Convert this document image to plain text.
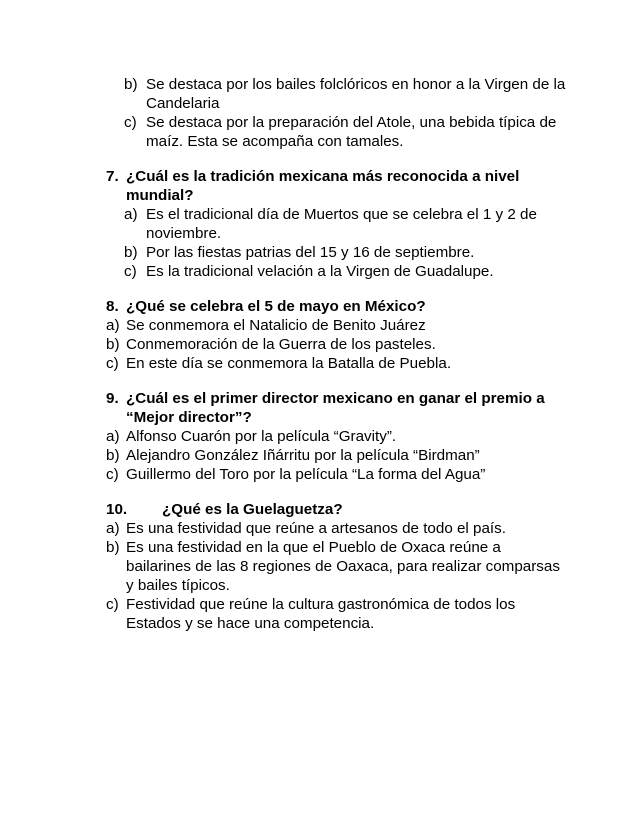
b) Se destaca por los bailes folclóricos en honor a la Virgen de la
Candelaria
c) Se destaca por la preparación del Atole, una bebida típica de
maíz. Esta se acompaña con tamales.
7. ¿Cuál es la tradición mexicana más reconocida a nivel
mundial?
a) Es el tradicional día de Muertos que se celebra el 1 y 2 de
noviembre.
b) Por las fiestas patrias del 15 y 16 de septiembre.
c) Es la tradicional velación a la Virgen de Guadalupe.
8. ¿Qué se celebra el 5 de mayo en México?
a) Se conmemora el Natalicio de Benito Juárez
b) Conmemoración de la Guerra de los pasteles.
c) En este día se conmemora la Batalla de Puebla.
9. ¿Cuál es el primer director mexicano en ganar el premio a
“Mejor director”?
a) Alfonso Cuarón por la película “Gravity”.
b) Alejandro González Iñárritu por la película “Birdman”
c) Guillermo del Toro por la película “La forma del Agua”
10. ¿Qué es la Guelaguetza?
a) Es una festividad que reúne a artesanos de todo el país.
b) Es una festividad en la que el Pueblo de Oxaca reúne a
bailarines de las 8 regiones de Oaxaca, para realizar comparsas
y bailes típicos.
c) Festividad que reúne la cultura gastronómica de todos los
Estados y se hace una competencia.
